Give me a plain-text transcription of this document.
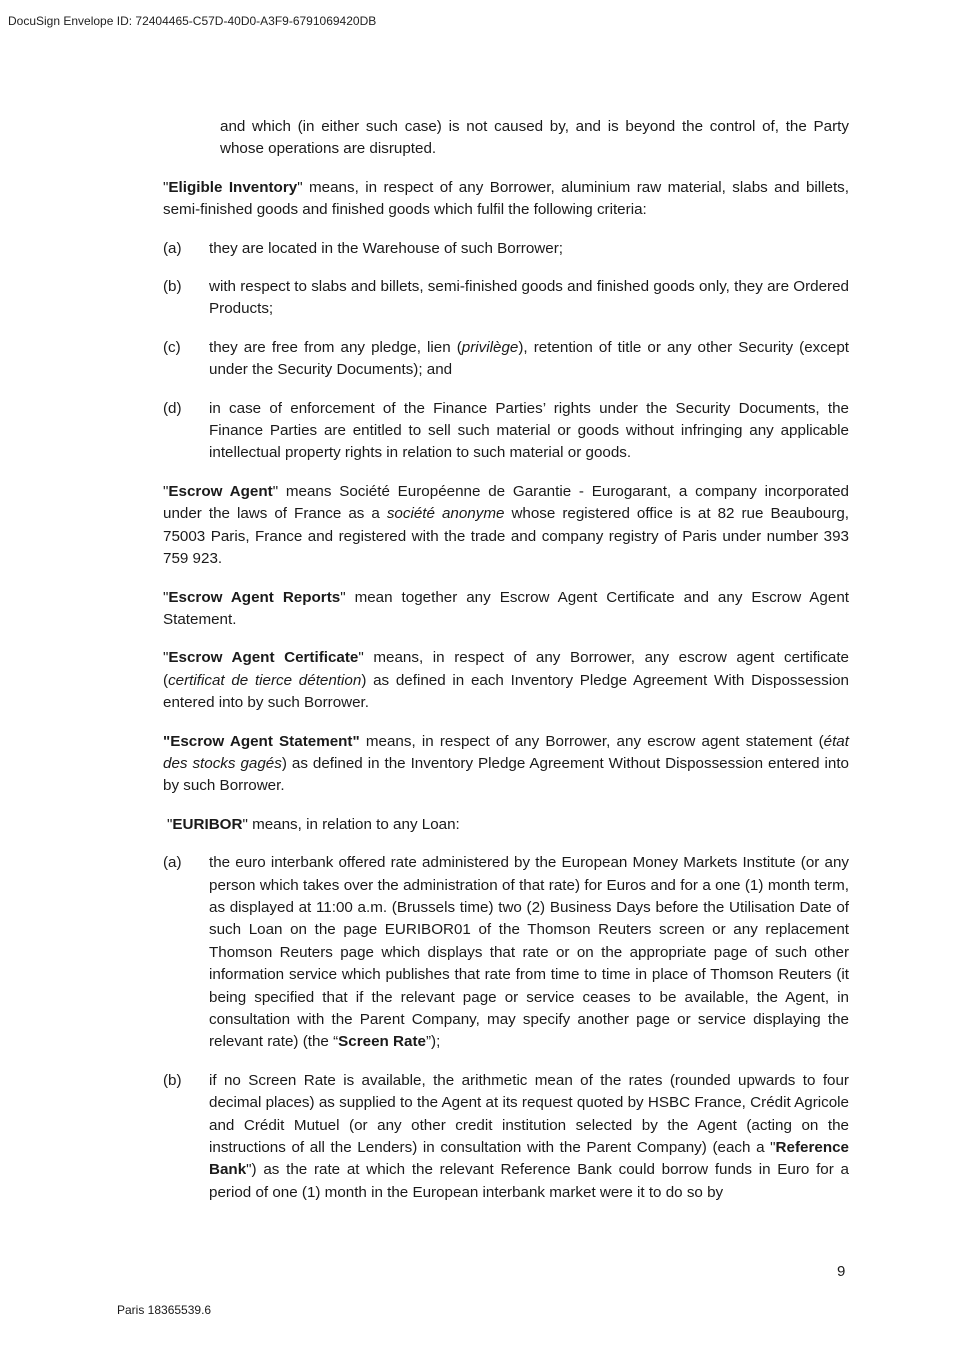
DocuSign Envelope ID: 72404465-C57D-40D0-A3F9-6791069420DB

and which (in either such case) is not caused by, and is beyond the control of, the Party whose operations are disrupted.

"Eligible Inventory" means, in respect of any Borrower, aluminium raw material, slabs and billets, semi-finished goods and finished goods which fulfil the following criteria:

(a)	they are located in the Warehouse of such Borrower;
(b)	with respect to slabs and billets, semi-finished goods and finished goods only, they are Ordered Products;
(c)	they are free from any pledge, lien (privilège), retention of title or any other Security (except under the Security Documents); and
(d)	in case of enforcement of the Finance Parties’ rights under the Security Documents, the Finance Parties are entitled to sell such material or goods without infringing any applicable intellectual property rights in relation to such material or goods.

"Escrow Agent" means Société Européenne de Garantie - Eurogarant, a company incorporated under the laws of France as a société anonyme whose registered office is at 82 rue Beaubourg, 75003 Paris, France and registered with the trade and company registry of Paris under number 393 759 923.

"Escrow Agent Reports" mean together any Escrow Agent Certificate and any Escrow Agent Statement.

"Escrow Agent Certificate" means, in respect of any Borrower, any escrow agent certificate (certificat de tierce détention) as defined in each Inventory Pledge Agreement With Dispossession entered into by such Borrower.

"Escrow Agent Statement" means, in respect of any Borrower, any escrow agent statement (état des stocks gagés) as defined in the Inventory Pledge Agreement Without Dispossession entered into by such Borrower.

"EURIBOR" means, in relation to any Loan:

(a)	the euro interbank offered rate administered by the European Money Markets Institute (or any person which takes over the administration of that rate) for Euros and for a one (1) month term, as displayed at 11:00 a.m. (Brussels time) two (2) Business Days before the Utilisation Date of such Loan on the page EURIBOR01 of the Thomson Reuters screen or any replacement Thomson Reuters page which displays that rate or on the appropriate page of such other information service which publishes that rate from time to time in place of Thomson Reuters (it being specified that if the relevant page or service ceases to be available, the Agent, in consultation with the Parent Company, may specify another page or service displaying the relevant rate) (the “Screen Rate”);
(b)	if no Screen Rate is available, the arithmetic mean of the rates (rounded upwards to four decimal places) as supplied to the Agent at its request quoted by HSBC France, Crédit Agricole and Crédit Mutuel (or any other credit institution selected by the Agent (acting on the instructions of all the Lenders) in consultation with the Parent Company) (each a "Reference Bank") as the rate at which the relevant Reference Bank could borrow funds in Euro for a period of one (1) month in the European interbank market were it to do so by
9
Paris 18365539.6
